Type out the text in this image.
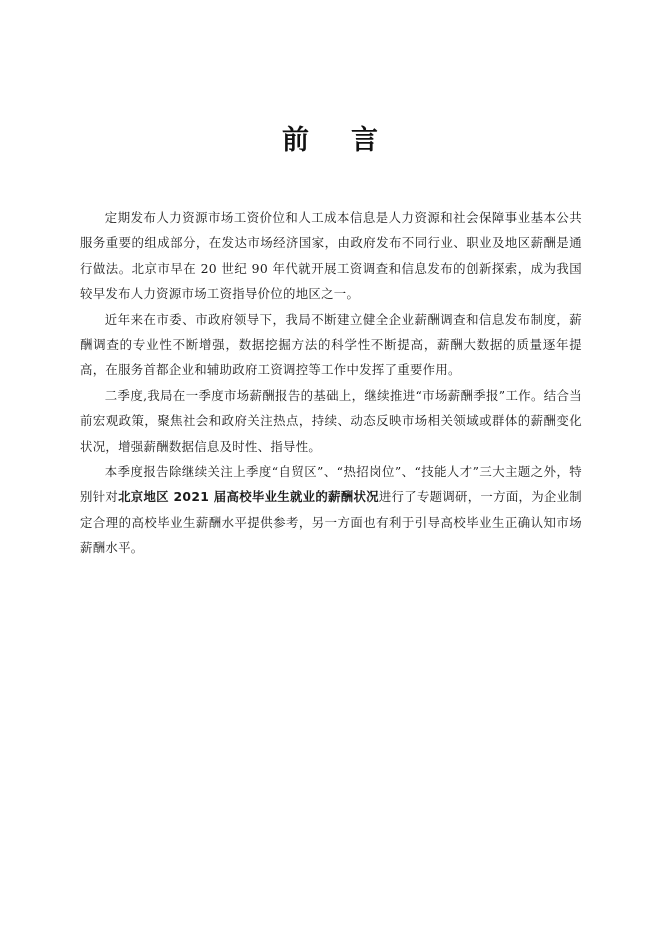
前 言

定期发布人力资源市场工资价位和人工成本信息是人力资源和社会保障事业基本公共服务重要的组成部分，在发达市场经济国家，由政府发布不同行业、职业及地区薪酬是通行做法。北京市早在 20 世纪 90 年代就开展工资调查和信息发布的创新探索，成为我国较早发布人力资源市场工资指导价位的地区之一。

近年来在市委、市政府领导下，我局不断建立健全企业薪酬调查和信息发布制度，薪酬调查的专业性不断增强，数据挖掘方法的科学性不断提高，薪酬大数据的质量逐年提高，在服务首都企业和辅助政府工资调控等工作中发挥了重要作用。

二季度,我局在一季度市场薪酬报告的基础上，继续推进“市场薪酬季报”工作。结合当前宏观政策，聚焦社会和政府关注热点，持续、动态反映市场相关领域或群体的薪酬变化状况，增强薪酬数据信息及时性、指导性。

本季度报告除继续关注上季度“自贸区”、“热招岗位”、“技能人才”三大主题之外，特别针对北京地区 2021 届高校毕业生就业的薪酬状况进行了专题调研，一方面，为企业制定合理的高校毕业生薪酬水平提供参考，另一方面也有利于引导高校毕业生正确认知市场薪酬水平。
